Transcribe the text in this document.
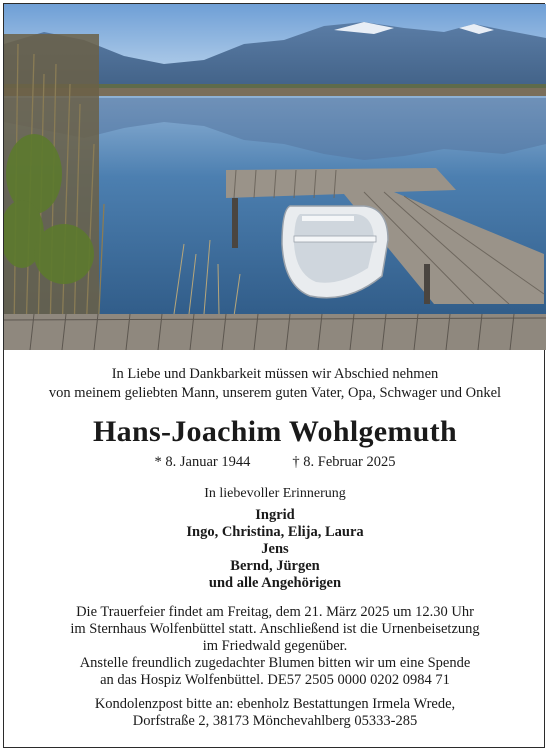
In Liebe und Dankbarkeit müssen wir Abschied nehmen
von meinem geliebten Mann, unserem guten Vater, Opa, Schwager und Onkel
Hans-Joachim Wohlgemuth
* 8. Januar 1944	† 8. Februar 2025
In liebevoller Erinnerung
Ingrid
Ingo, Christina, Elija, Laura
Jens
Bernd, Jürgen
und alle Angehörigen
Die Trauerfeier findet am Freitag, dem 21. März 2025 um 12.30 Uhr
im Sternhaus Wolfenbüttel statt. Anschließend ist die Urnenbeisetzung
im Friedwald gegenüber.
Anstelle freundlich zugedachter Blumen bitten wir um eine Spende
an das Hospiz Wolfenbüttel. DE57 2505 0000 0202 0984 71
Kondolenzpost bitte an: ebenholz Bestattungen Irmela Wrede,
Dorfstraße 2, 38173 Mönchevahlberg 05333-285
